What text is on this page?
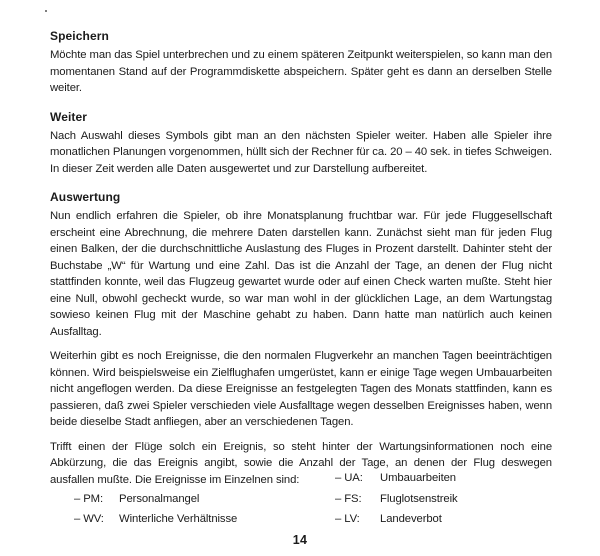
Speichern

Möchte man das Spiel unterbrechen und zu einem späteren Zeitpunkt weiterspielen, so kann man den momentanen Stand auf der Programmdiskette abspeichern. Später geht es dann an derselben Stelle weiter.

Weiter

Nach Auswahl dieses Symbols gibt man an den nächsten Spieler weiter. Haben alle Spieler ihre monatlichen Planungen vorgenommen, hüllt sich der Rechner für ca. 20 – 40 sek. in tiefes Schweigen. In dieser Zeit werden alle Daten ausgewertet und zur Darstellung aufbereitet.

Auswertung

Nun endlich erfahren die Spieler, ob ihre Monatsplanung fruchtbar war. Für jede Fluggesellschaft erscheint eine Abrechnung, die mehrere Daten darstellen kann. Zunächst sieht man für jeden Flug einen Balken, der die durchschnittliche Auslastung des Fluges in Prozent darstellt. Dahinter steht der Buchstabe „W“ für Wartung und eine Zahl. Das ist die Anzahl der Tage, an denen der Flug nicht stattfinden konnte, weil das Flugzeug gewartet wurde oder auf einen Check warten mußte. Steht hier eine Null, obwohl gecheckt wurde, so war man wohl in der glücklichen Lage, an dem Wartungstag sowieso keinen Flug mit der Maschine gehabt zu haben. Dann hatte man natürlich auch keinen Ausfalltag.

Weiterhin gibt es noch Ereignisse, die den normalen Flugverkehr an manchen Tagen beeinträchtigen können. Wird beispielsweise ein Zielflughafen umgerüstet, kann er einige Tage wegen Umbauarbeiten nicht angeflogen werden. Da diese Ereignisse an festgelegten Tagen des Monats stattfinden, kann es passieren, daß zwei Spieler verschieden viele Ausfalltage wegen desselben Ereignisses haben, wenn beide dieselbe Stadt anfliegen, aber an verschiedenen Tagen.

Trifft einen der Flüge solch ein Ereignis, so steht hinter der Wartungsinformationen noch eine Abkürzung, die das Ereignis angibt, sowie die Anzahl der Tage, an denen der Flug deswegen ausfallen mußte. Die Ereignisse im Einzelnen sind:	– UA: Umbauarbeiten
– PM: Personalmangel	– FS: Fluglotsenstreik
– WV: Winterliche Verhältnisse	– LV: Landeverbot
14
